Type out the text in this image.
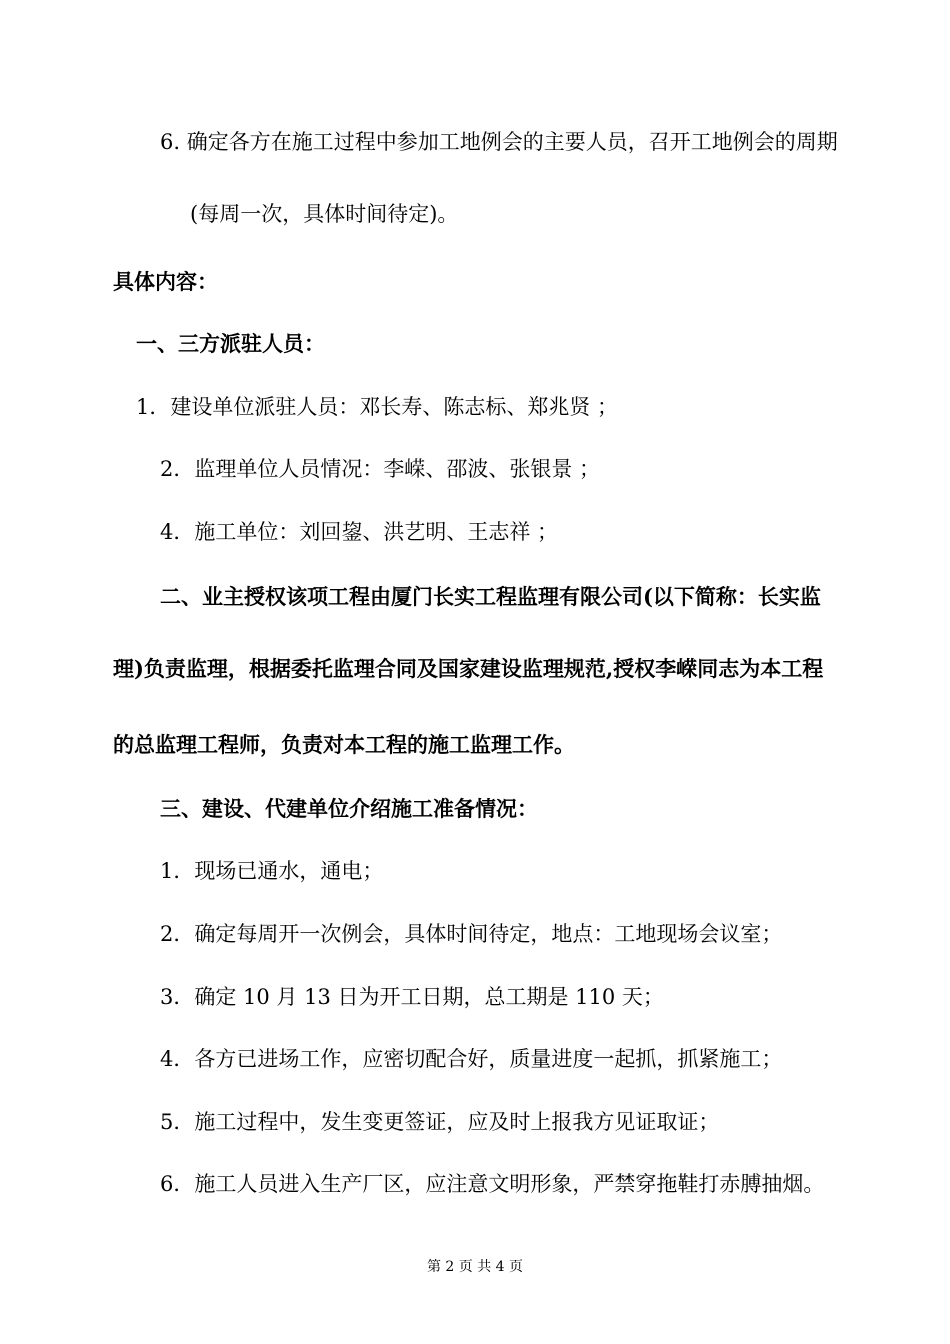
6. 确定各方在施工过程中参加工地例会的主要人员，召开工地例会的周期
(每周一次，具体时间待定)。
具体内容：
一、三方派驻人员：
1．建设单位派驻人员：邓长寿、陈志标、郑兆贤 ；
2．监理单位人员情况：李嵘、邵波、张银景 ；
4．施工单位：刘回鋆、洪艺明、王志祥 ；
二、业主授权该项工程由厦门长实工程监理有限公司(以下简称：长实监
理)负责监理，根据委托监理合同及国家建设监理规范,授权李嵘同志为本工程
的总监理工程师，负责对本工程的施工监理工作。
三、建设、代建单位介绍施工准备情况：
1．现场已通水，通电；
2．确定每周开一次例会，具体时间待定，地点：工地现场会议室；
3．确定 10 月 13 日为开工日期，总工期是 110 天；
4．各方已进场工作，应密切配合好，质量进度一起抓，抓紧施工；
5．施工过程中，发生变更签证，应及时上报我方见证取证；
6．施工人员进入生产厂区，应注意文明形象，严禁穿拖鞋打赤膊抽烟。
第 2 页 共 4 页
